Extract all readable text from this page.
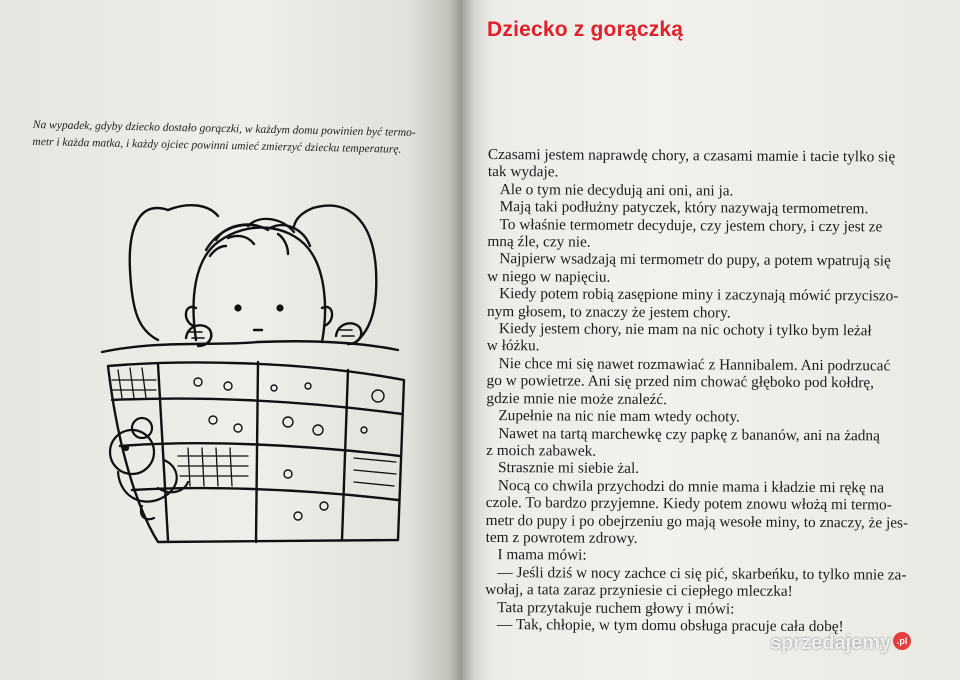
Na wypadek, gdyby dziecko dostało gorączki, w każdym domu powinien być termo-
metr i każda matka, i każdy ojciec powinni umieć zmierzyć dziecku temperaturę.
Dziecko z gorączką
Czasami jestem naprawdę chory, a czasami mamie i tacie tylko się
tak wydaje.
Ale o tym nie decydują ani oni, ani ja.
Mają taki podłużny patyczek, który nazywają termometrem.
To właśnie termometr decyduje, czy jestem chory, i czy jest ze
mną źle, czy nie.
Najpierw wsadzają mi termometr do pupy, a potem wpatrują się
w niego w napięciu.
Kiedy potem robią zasępione miny i zaczynają mówić przyciszo-
nym głosem, to znaczy że jestem chory.
Kiedy jestem chory, nie mam na nic ochoty i tylko bym leżał
w łóżku.
Nie chce mi się nawet rozmawiać z Hannibalem. Ani podrzucać
go w powietrze. Ani się przed nim chować głęboko pod kołdrę,
gdzie mnie nie może znaleźć.
Zupełnie na nic nie mam wtedy ochoty.
Nawet na tartą marchewkę czy papkę z bananów, ani na żadną
z moich zabawek.
Strasznie mi siebie żal.
Nocą co chwila przychodzi do mnie mama i kładzie mi rękę na
czole. To bardzo przyjemne. Kiedy potem znowu włożą mi termo-
metr do pupy i po obejrzeniu go mają wesołe miny, to znaczy, że jes-
tem z powrotem zdrowy.
I mama mówi:
— Jeśli dziś w nocy zachce ci się pić, skarbeńku, to tylko mnie za-
wołaj, a tata zaraz przyniesie ci ciepłego mleczka!
Tata przytakuje ruchem głowy i mówi:
— Tak, chłopie, w tym domu obsługa pracuje cała dobę!
sprzedajemy .pl
